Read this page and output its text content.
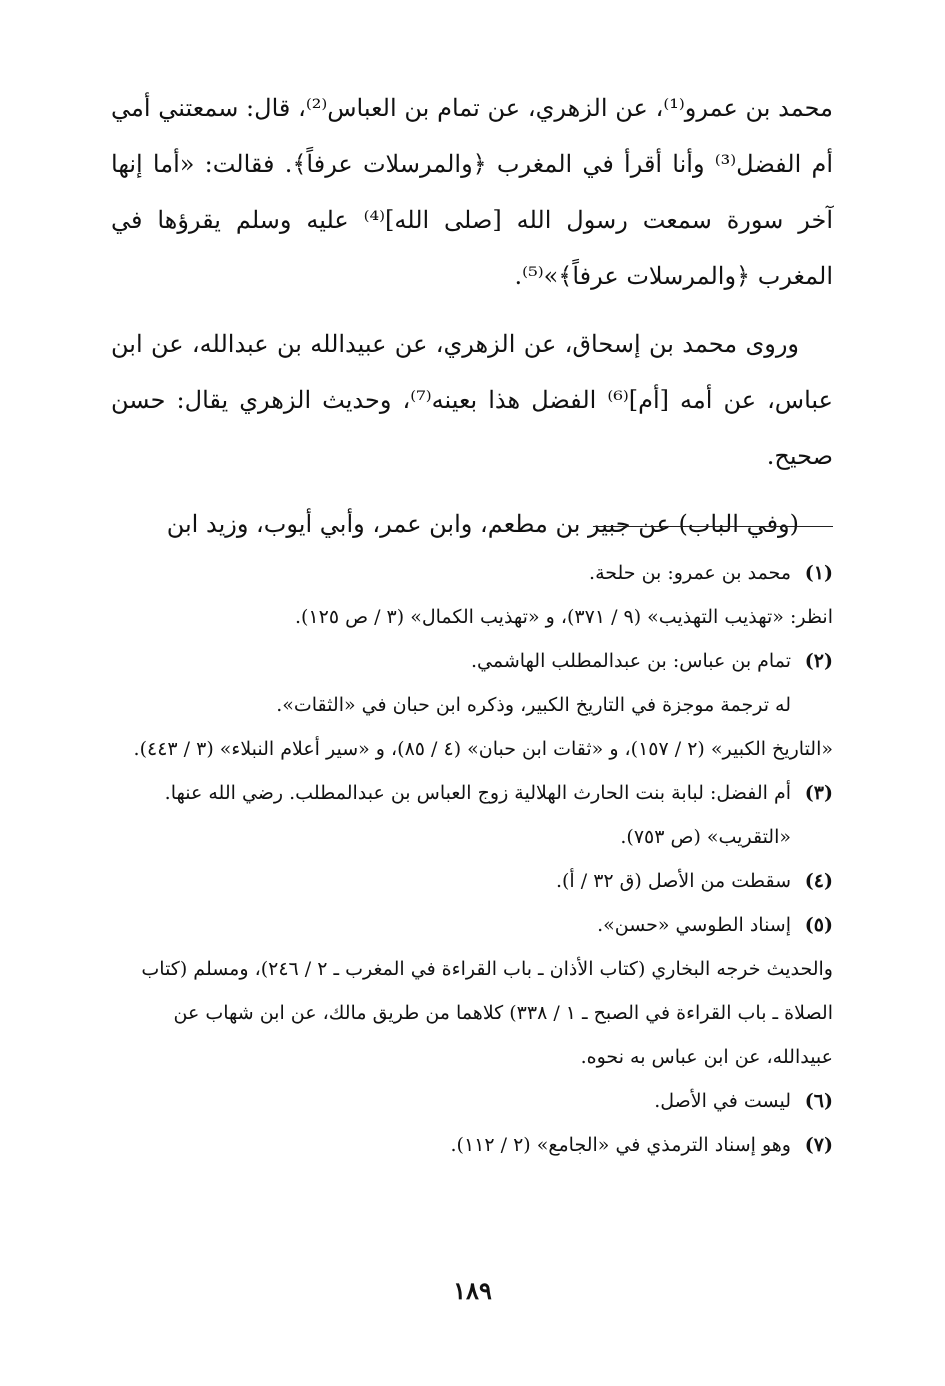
محمد بن عمرو⁽¹⁾، عن الزهري، عن تمام بن العباس⁽²⁾، قال: سمعتني أمي أم الفضل⁽³⁾ وأنا أقرأ في المغرب ﴿والمرسلات عرفاً﴾. فقالت: «أما إنها آخر سورة سمعت رسول الله [صلى الله]⁽⁴⁾ عليه وسلم يقرؤها في المغرب ﴿والمرسلات عرفاً﴾»⁽⁵⁾.

وروى محمد بن إسحاق، عن الزهري، عن عبيدالله بن عبدالله، عن ابن عباس، عن أمه [أم]⁽⁶⁾ الفضل هذا بعينه⁽⁷⁾، وحديث الزهري يقال: حسن صحيح.

(وفي الباب) عن جبير بن مطعم، وابن عمر، وأبي أيوب، وزيد ابن

(١)
محمد بن عمرو: بن حلحة.

انظر: «تهذيب التهذيب» (٩ / ٣٧١)، و «تهذيب الكمال» (٣ / ص ١٢٥).

(٢)
تمام بن عباس: بن عبدالمطلب الهاشمي.

له ترجمة موجزة في التاريخ الكبير، وذكره ابن حبان في «الثقات».

«التاريخ الكبير» (٢ / ١٥٧)، و «ثقات ابن حبان» (٤ / ٨٥)، و «سير أعلام النبلاء» (٣ / ٤٤٣).

(٣)
أم الفضل: لبابة بنت الحارث الهلالية زوج العباس بن عبدالمطلب. رضي الله عنها.

«التقريب» (ص ٧٥٣).

(٤)
سقطت من الأصل (ق ٣٢ / أ).
(٥)
إسناد الطوسي «حسن».

والحديث خرجه البخاري (كتاب الأذان ـ باب القراءة في المغرب ـ ٢ / ٢٤٦)، ومسلم (كتاب الصلاة ـ باب القراءة في الصبح ـ ١ / ٣٣٨) كلاهما من طريق مالك، عن ابن شهاب عن عبيدالله، عن ابن عباس به نحوه.

(٦)
ليست في الأصل.
(٧)
وهو إسناد الترمذي في «الجامع» (٢ / ١١٢).
١٨٩
